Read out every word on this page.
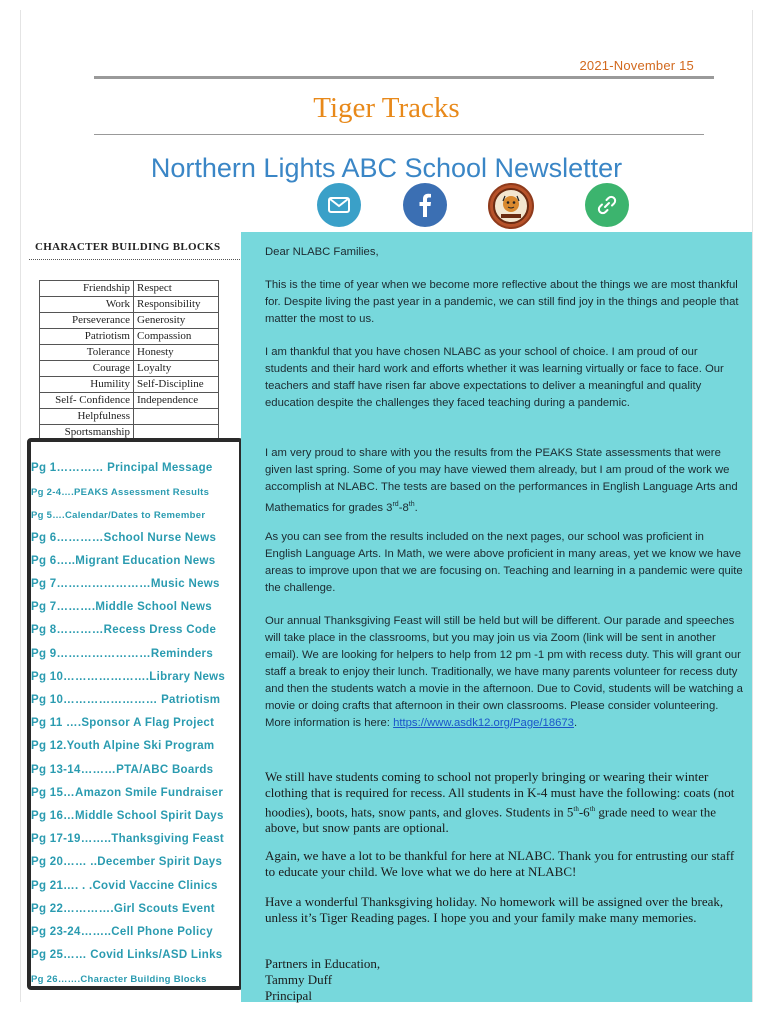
2021-November 15
Tiger Tracks
Northern Lights ABC School Newsletter
CHARACTER BUILDING BLOCKS
Friendship	Respect
Work	Responsibility
Perseverance	Generosity
Patriotism	Compassion
Tolerance	Honesty
Courage	Loyalty
Humility	Self-Discipline
Self- Confidence	Independence
Helpfulness	
Sportsmanship	
Pg 1………… Principal Message
Pg 2-4….PEAKS Assessment Results
Pg 5….Calendar/Dates to Remember
Pg 6…………School Nurse News
Pg 6…..Migrant Education News
Pg 7……………………Music News
Pg 7……….Middle School News
Pg 8…………Recess Dress Code
Pg 9……………………Reminders
Pg 10………………….Library News
Pg 10…………………… Patriotism
Pg 11 ….Sponsor A Flag Project
Pg 12.Youth Alpine Ski Program
Pg 13-14………PTA/ABC Boards
Pg 15…Amazon Smile Fundraiser
Pg 16…Middle School Spirit Days
Pg 17-19……..Thanksgiving Feast
Pg 20…… ..December Spirit Days
Pg 21…. . .Covid Vaccine Clinics
Pg 22………….Girl Scouts Event
Pg 23-24……..Cell Phone Policy
Pg 25…… Covid Links/ASD Links
Pg 26…….Character Building Blocks
Dear NLABC Families,
This is the time of year when we become more reflective about the things we are most thankful for. Despite living the past year in a pandemic, we can still find joy in the things and people that matter the most to us.
I am thankful that you have chosen NLABC as your school of choice. I am proud of our students and their hard work and efforts whether it was learning virtually or face to face. Our teachers and staff have risen far above expectations to deliver a meaningful and quality education despite the challenges they faced teaching during a pandemic.
I am very proud to share with you the results from the PEAKS State assessments that were given last spring. Some of you may have viewed them already, but I am proud of the work we accomplish at NLABC. The tests are based on the performances in English Language Arts and Mathematics for grades 3rd-8th.
As you can see from the results included on the next pages, our school was proficient in English Language Arts. In Math, we were above proficient in many areas, yet we know we have areas to improve upon that we are focusing on. Teaching and learning in a pandemic were quite the challenge.
Our annual Thanksgiving Feast will still be held but will be different. Our parade and speeches will take place in the classrooms, but you may join us via Zoom (link will be sent in another email). We are looking for helpers to help from 12 pm -1 pm with recess duty. This will grant our staff a break to enjoy their lunch. Traditionally, we have many parents volunteer for recess duty and then the students watch a movie in the afternoon. Due to Covid, students will be watching a movie or doing crafts that afternoon in their own classrooms. Please consider volunteering. More information is here: https://www.asdk12.org/Page/18673.
We still have students coming to school not properly bringing or wearing their winter clothing that is required for recess. All students in K-4 must have the following: coats (not hoodies), boots, hats, snow pants, and gloves. Students in 5th-6th grade need to wear the above, but snow pants are optional.
Again, we have a lot to be thankful for here at NLABC. Thank you for entrusting our staff to educate your child. We love what we do here at NLABC!
Have a wonderful Thanksgiving holiday. No homework will be assigned over the break, unless it’s Tiger Reading pages. I hope you and your family make many memories.
Partners in Education,
Tammy Duff
Principal
